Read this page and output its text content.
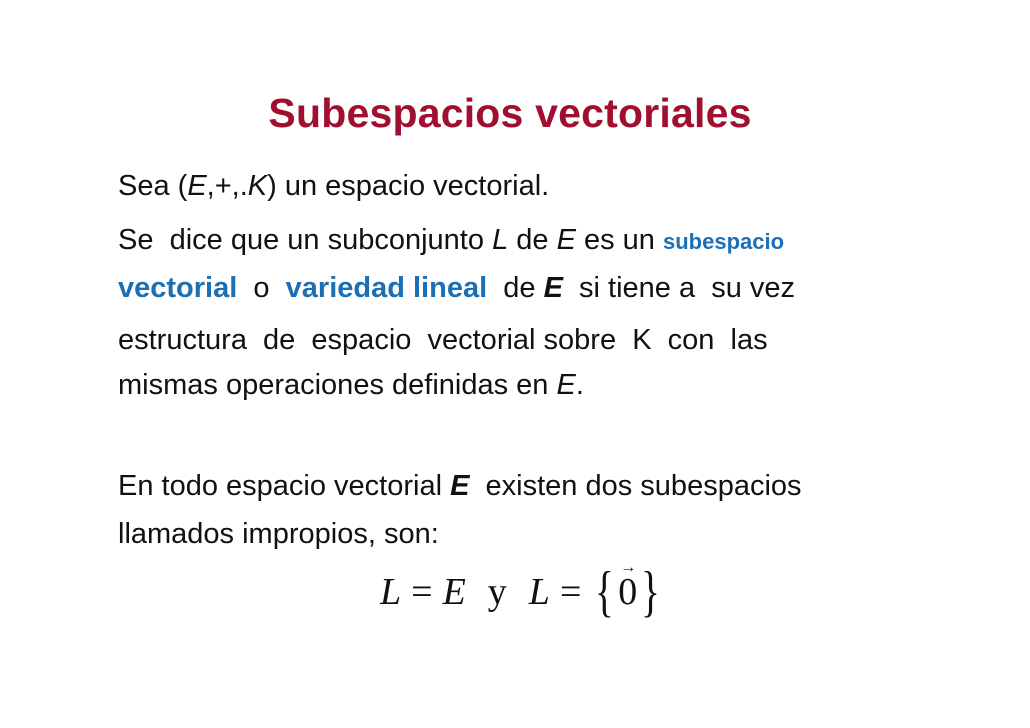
Subespacios vectoriales
Sea (E,+,.K) un espacio vectorial.
Se  dice que un subconjunto L de E es un subespacio
vectorial  o  variedad lineal  de E  si tiene a  su vez
estructura  de  espacio  vectorial sobre  K  con  las
mismas operaciones definidas en E.
En todo espacio vectorial E  existen dos subespacios
llamados impropios, son:
L = E y L = { →
0}
